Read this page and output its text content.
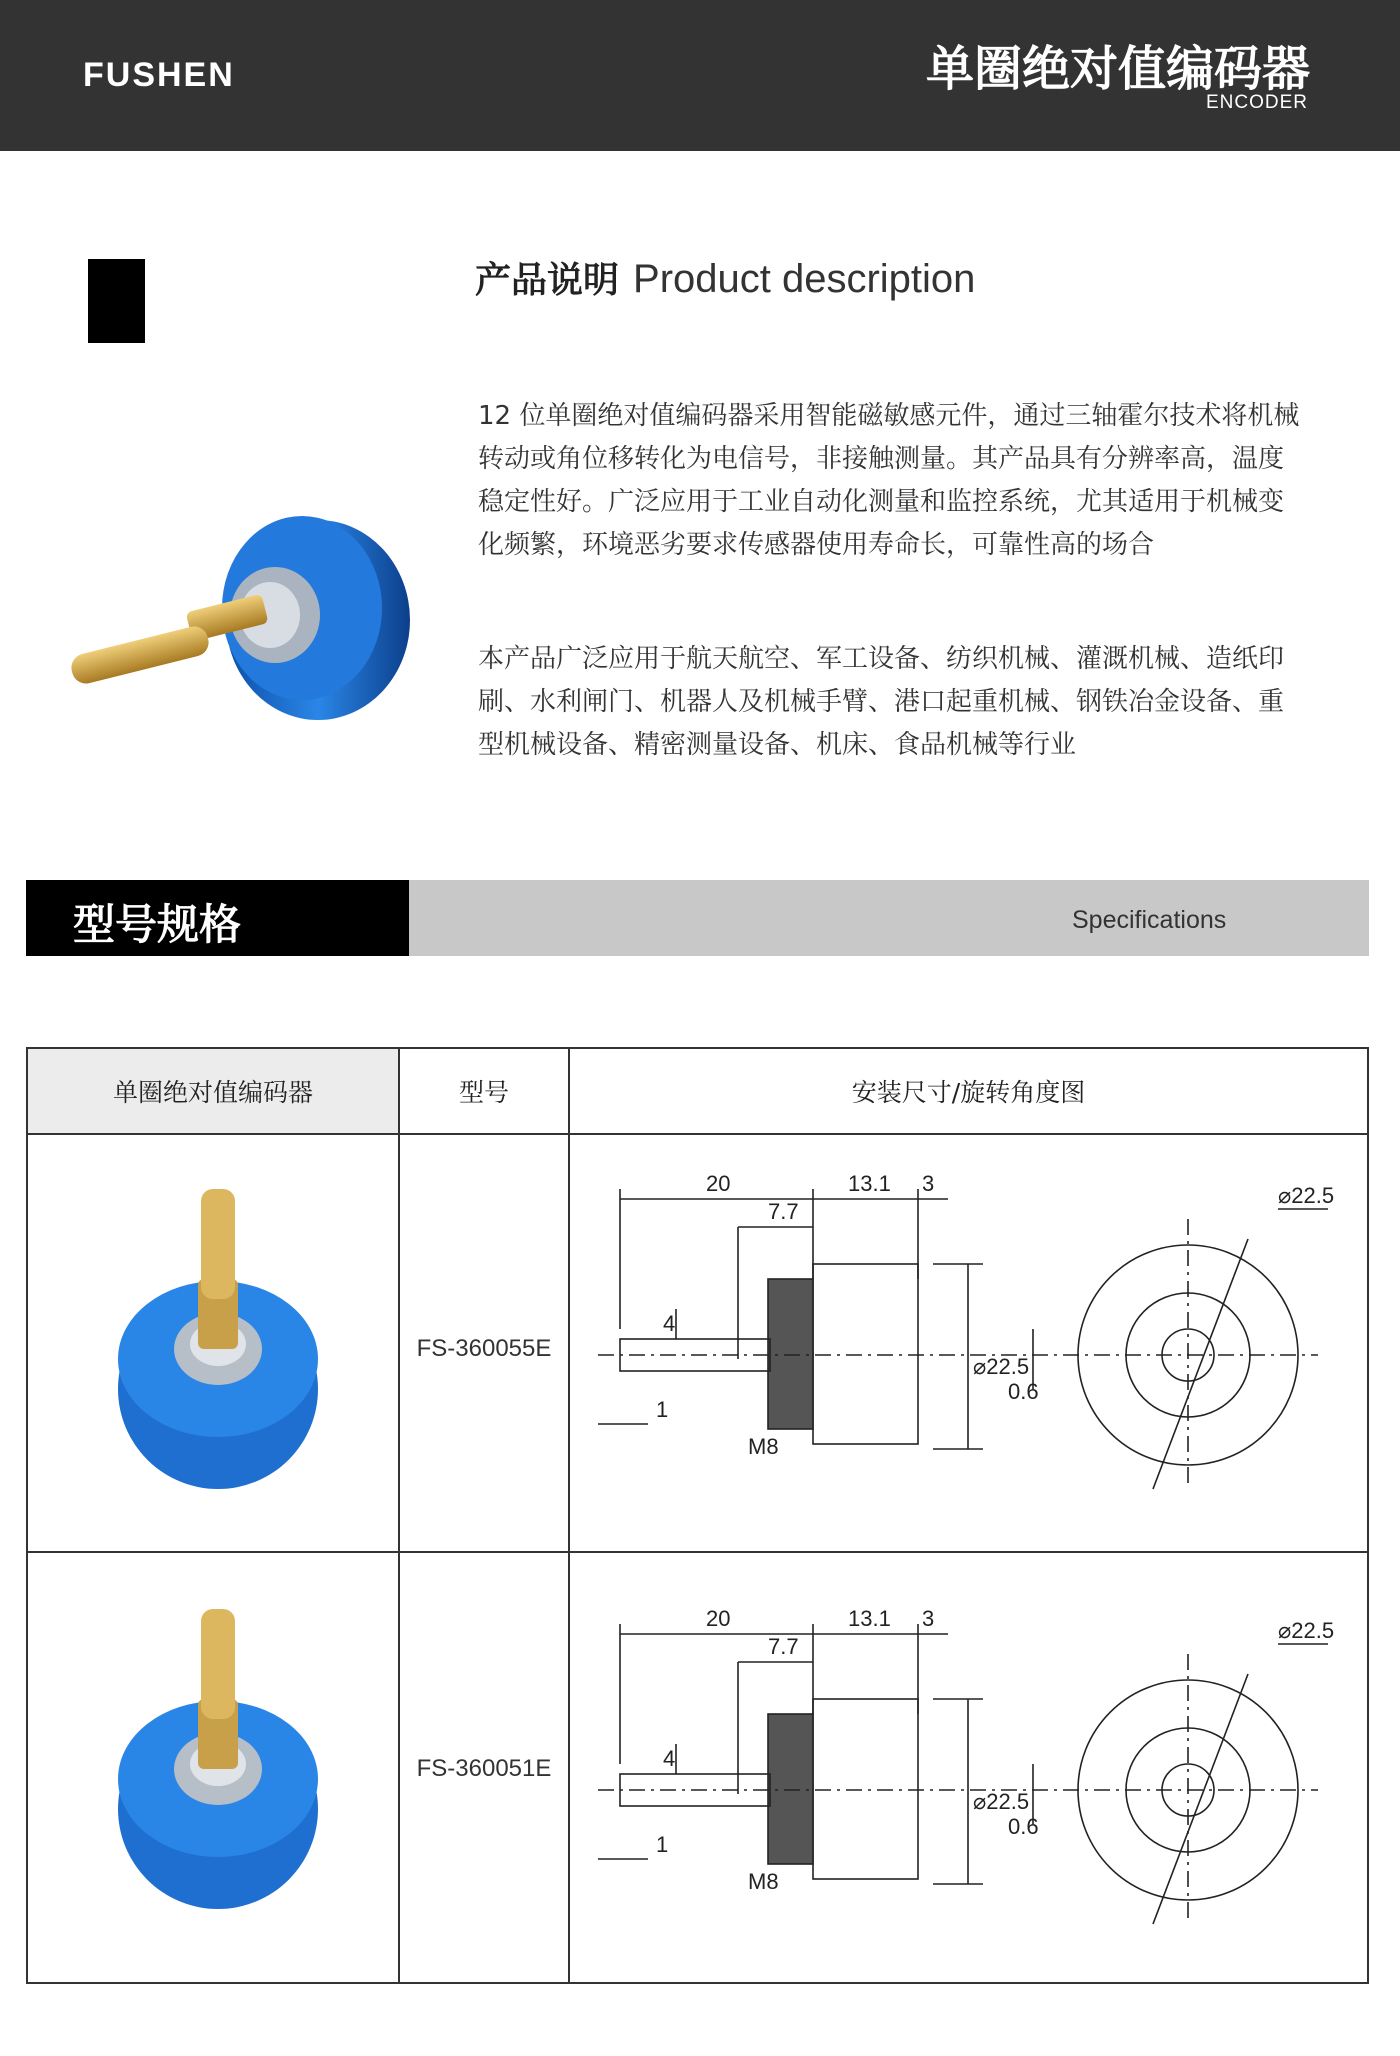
FUSHEN	单圈绝对值编码器
ENCODER
产品说明 Product description
12 位单圈绝对值编码器采用智能磁敏感元件，通过三轴霍尔技术将机械转动或角位移转化为电信号，非接触测量。其产品具有分辨率高，温度稳定性好。广泛应用于工业自动化测量和监控系统，尤其适用于机械变化频繁，环境恶劣要求传感器使用寿命长，可靠性高的场合
本产品广泛应用于航天航空、军工设备、纺织机械、灌溉机械、造纸印刷、水利闸门、机器人及机械手臂、港口起重机械、钢铁冶金设备、重型机械设备、精密测量设备、机床、食品机械等行业
型号规格	Specifications
单圈绝对值编码器	型号	安装尺寸/旋转角度图
FS-360055E
20	13.1 3
7.7
4
1
M8
⌀22.5
0.6
⌀22.5
FS-360051E
20	13.1 3
7.7
4
1
M8
⌀22.5
0.6
⌀22.5
